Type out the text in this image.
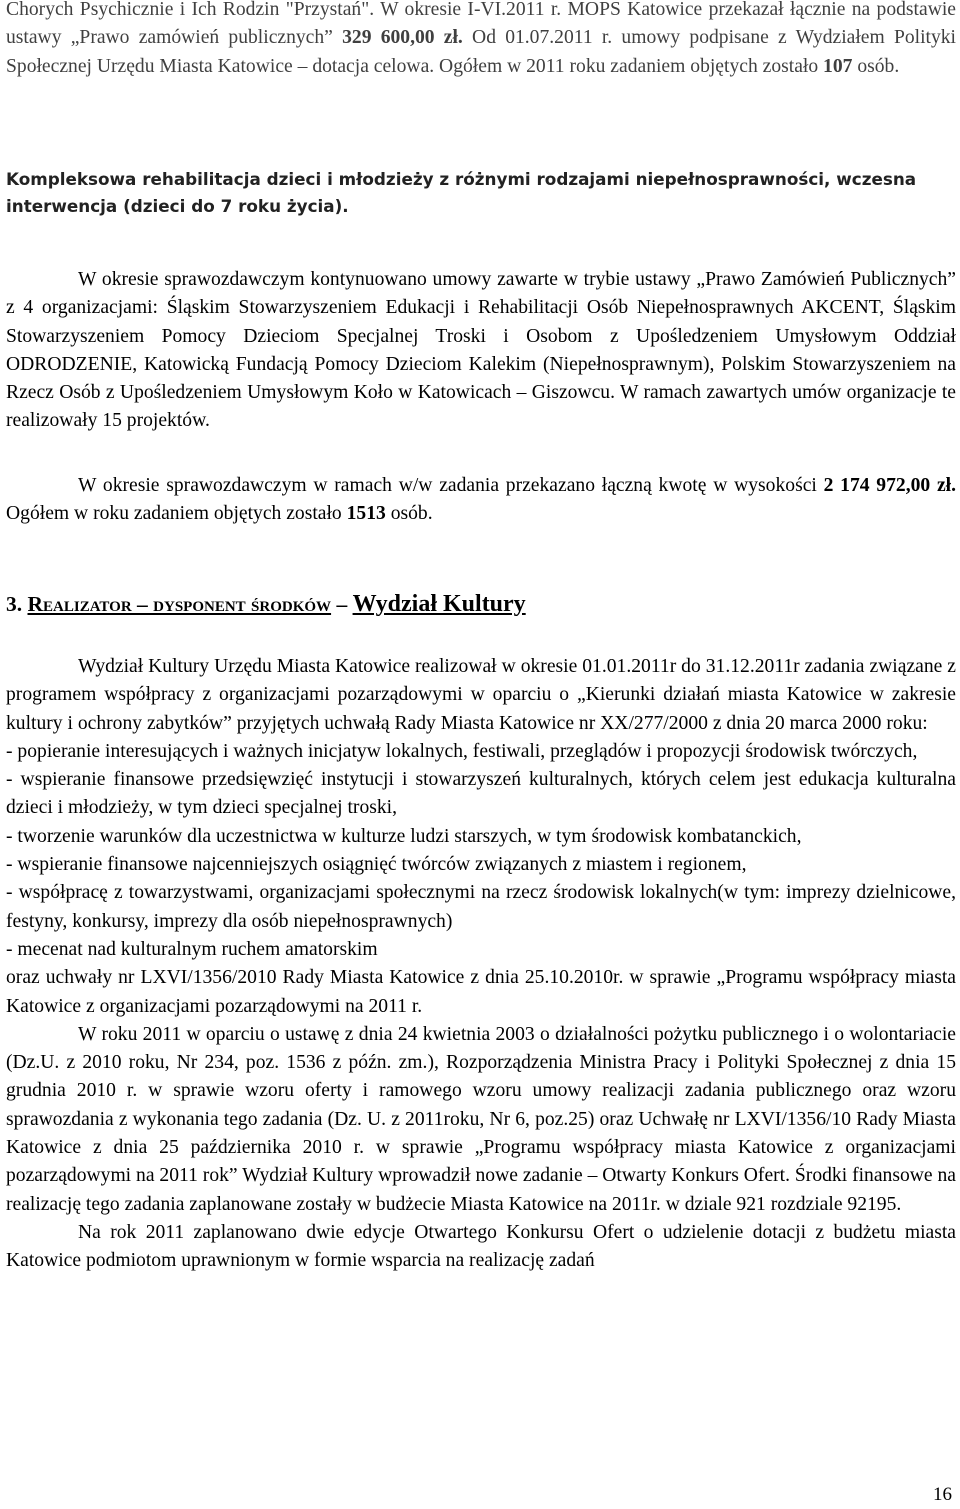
Chorych Psychicznie i Ich Rodzin "Przystań". W okresie I-VI.2011 r. MOPS Katowice przekazał łącznie na podstawie ustawy „Prawo zamówień publicznych” 329 600,00 zł. Od 01.07.2011 r. umowy podpisane z Wydziałem Polityki Społecznej Urzędu Miasta Katowice – dotacja celowa. Ogółem w 2011 roku zadaniem objętych zostało 107 osób.

Kompleksowa rehabilitacja dzieci i młodzieży z różnymi rodzajami niepełnosprawności, wczesna interwencja (dzieci do 7 roku życia).

W okresie sprawozdawczym kontynuowano umowy zawarte w trybie ustawy „Prawo Zamówień Publicznych” z 4 organizacjami: Śląskim Stowarzyszeniem Edukacji i Rehabilitacji Osób Niepełnosprawnych AKCENT, Śląskim Stowarzyszeniem Pomocy Dzieciom Specjalnej Troski i Osobom z Upośledzeniem Umysłowym Oddział ODRODZENIE, Katowicką Fundacją Pomocy Dzieciom Kalekim (Niepełnosprawnym), Polskim Stowarzyszeniem na Rzecz Osób z Upośledzeniem Umysłowym Koło w Katowicach – Giszowcu. W ramach zawartych umów organizacje te realizowały 15 projektów.

W okresie sprawozdawczym w ramach w/w zadania przekazano łączną kwotę w wysokości 2 174 972,00 zł. Ogółem w roku zadaniem objętych zostało 1513 osób.

3. Realizator – dysponent środków – Wydział Kultury

Wydział Kultury Urzędu Miasta Katowice realizował w okresie 01.01.2011r do 31.12.2011r zadania związane z programem współpracy z organizacjami pozarządowymi w oparciu o „Kierunki działań miasta Katowice w zakresie kultury i ochrony zabytków” przyjętych uchwałą Rady Miasta Katowice nr XX/277/2000 z dnia 20 marca 2000 roku:

- popieranie interesujących i ważnych inicjatyw lokalnych, festiwali, przeglądów i propozycji środowisk twórczych,

- wspieranie finansowe przedsięwzięć instytucji i stowarzyszeń kulturalnych, których celem jest edukacja kulturalna dzieci i młodzieży, w tym dzieci specjalnej troski,

- tworzenie warunków dla uczestnictwa w kulturze ludzi starszych, w tym środowisk kombatanckich,

- wspieranie finansowe najcenniejszych osiągnięć twórców związanych z miastem i regionem,

- współpracę z towarzystwami, organizacjami społecznymi na rzecz środowisk lokalnych(w tym: imprezy dzielnicowe, festyny, konkursy, imprezy dla osób niepełnosprawnych)

- mecenat nad kulturalnym ruchem amatorskim

oraz uchwały nr LXVI/1356/2010 Rady Miasta Katowice z dnia 25.10.2010r. w sprawie „Programu współpracy miasta Katowice z organizacjami pozarządowymi na 2011 r.

W roku 2011 w oparciu o ustawę z dnia 24 kwietnia 2003 o działalności pożytku publicznego i o wolontariacie (Dz.U. z 2010 roku, Nr 234, poz. 1536 z późn. zm.), Rozporządzenia Ministra Pracy i Polityki Społecznej z dnia 15 grudnia 2010 r. w sprawie wzoru oferty i ramowego wzoru umowy realizacji zadania publicznego oraz wzoru sprawozdania z wykonania tego zadania (Dz. U. z 2011roku, Nr 6, poz.25) oraz Uchwałę nr LXVI/1356/10 Rady Miasta Katowice z dnia 25 października 2010 r. w sprawie „Programu współpracy miasta Katowice z organizacjami pozarządowymi na 2011 rok” Wydział Kultury wprowadził nowe zadanie – Otwarty Konkurs Ofert. Środki finansowe na realizację tego zadania zaplanowane zostały w budżecie Miasta Katowice na 2011r. w dziale 921 rozdziale 92195.

Na rok 2011 zaplanowano dwie edycje Otwartego Konkursu Ofert o udzielenie dotacji z budżetu miasta Katowice podmiotom uprawnionym w formie wsparcia na realizację zadań

16
